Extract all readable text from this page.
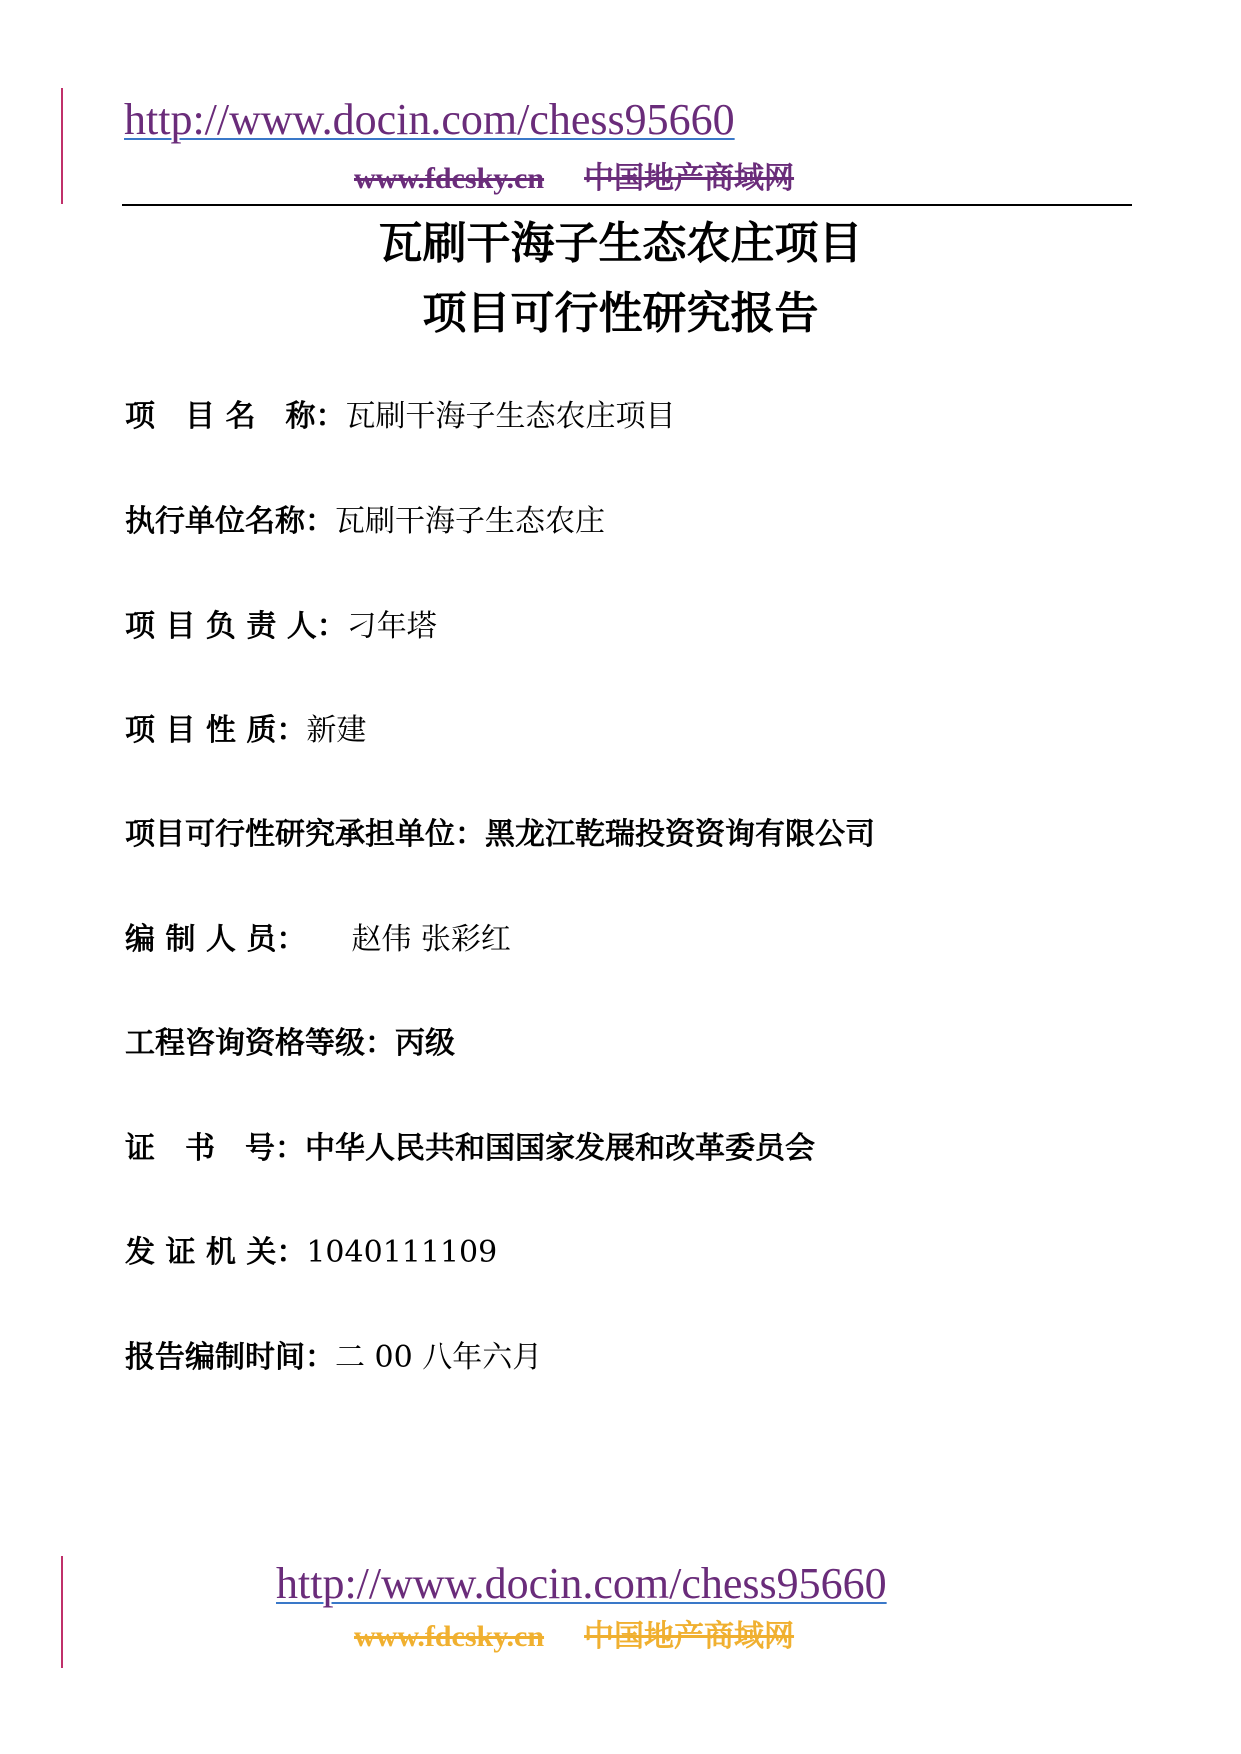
http://www.docin.com/chess95660
www.fdcsky.cn 中国地产商域网
瓦刷干海子生态农庄项目
项目可行性研究报告
项　目 名　称：瓦刷干海子生态农庄项目
执行单位名称：瓦刷干海子生态农庄
项 目 负 责 人：刁年塔
项 目 性 质：新建
项目可行性研究承担单位：黑龙江乾瑞投资资询有限公司
编 制 人 员：　　赵伟 张彩红
工程咨询资格等级：丙级
证　书　号：中华人民共和国国家发展和改革委员会
发 证 机 关：1040111109
报告编制时间：二 00 八年六月
http://www.docin.com/chess95660
www.fdcsky.cn 中国地产商域网
